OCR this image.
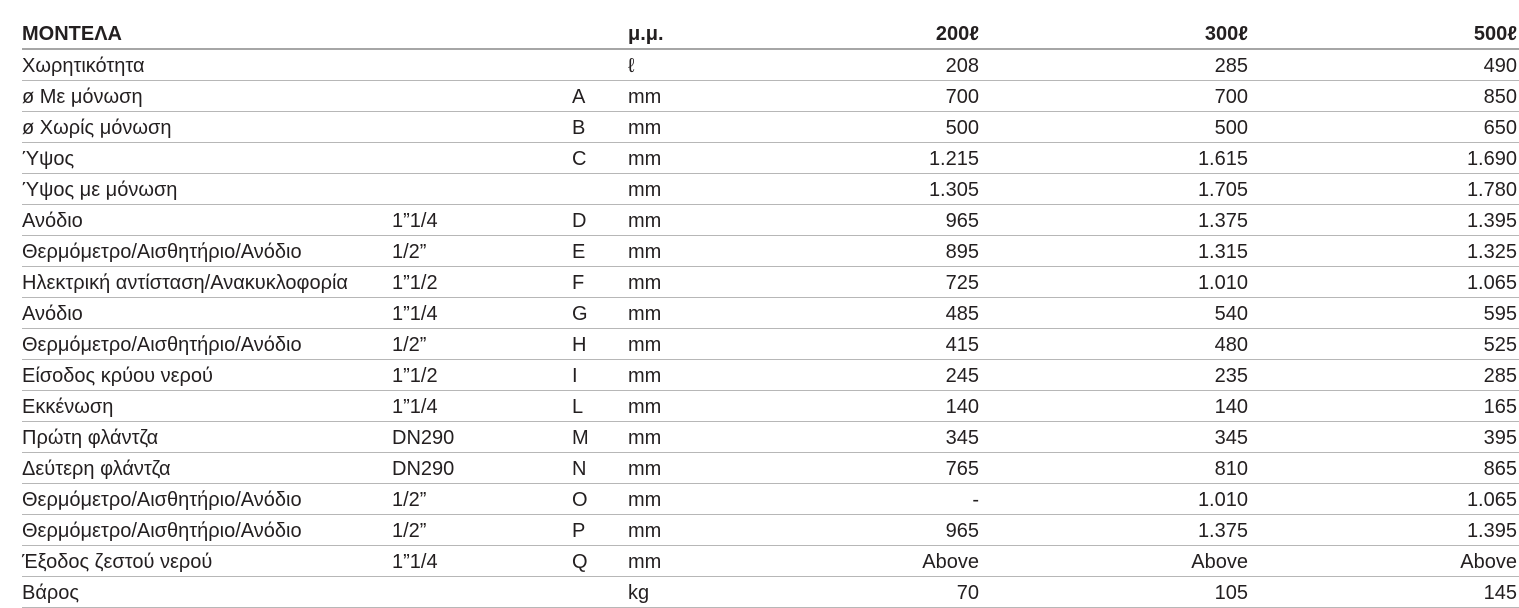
ΜΟΝΤΕΛΑ			μ.μ.	200ℓ	300ℓ	500ℓ
Χωρητικότητα			ℓ	208	285	490
ø Με μόνωση		A	mm	700	700	850
ø Χωρίς μόνωση		B	mm	500	500	650
Ύψος		C	mm	1.215	1.615	1.690
Ύψος με μόνωση			mm	1.305	1.705	1.780
Ανόδιο	1”1/4	D	mm	965	1.375	1.395
Θερμόμετρο/Αισθητήριο/Ανόδιο	1/2”	E	mm	895	1.315	1.325
Ηλεκτρική αντίσταση/Ανακυκλοφορία	1”1/2	F	mm	725	1.010	1.065
Ανόδιο	1”1/4	G	mm	485	540	595
Θερμόμετρο/Αισθητήριο/Ανόδιο	1/2”	H	mm	415	480	525
Είσοδος κρύου νερού	1”1/2	I	mm	245	235	285
Εκκένωση	1”1/4	L	mm	140	140	165
Πρώτη φλάντζα	DN290	M	mm	345	345	395
Δεύτερη φλάντζα	DN290	N	mm	765	810	865
Θερμόμετρο/Αισθητήριο/Ανόδιο	1/2”	O	mm	-	1.010	1.065
Θερμόμετρο/Αισθητήριο/Ανόδιο	1/2”	P	mm	965	1.375	1.395
Έξοδος ζεστού νερού	1”1/4	Q	mm	Above	Above	Above
Βάρος			kg	70	105	145
